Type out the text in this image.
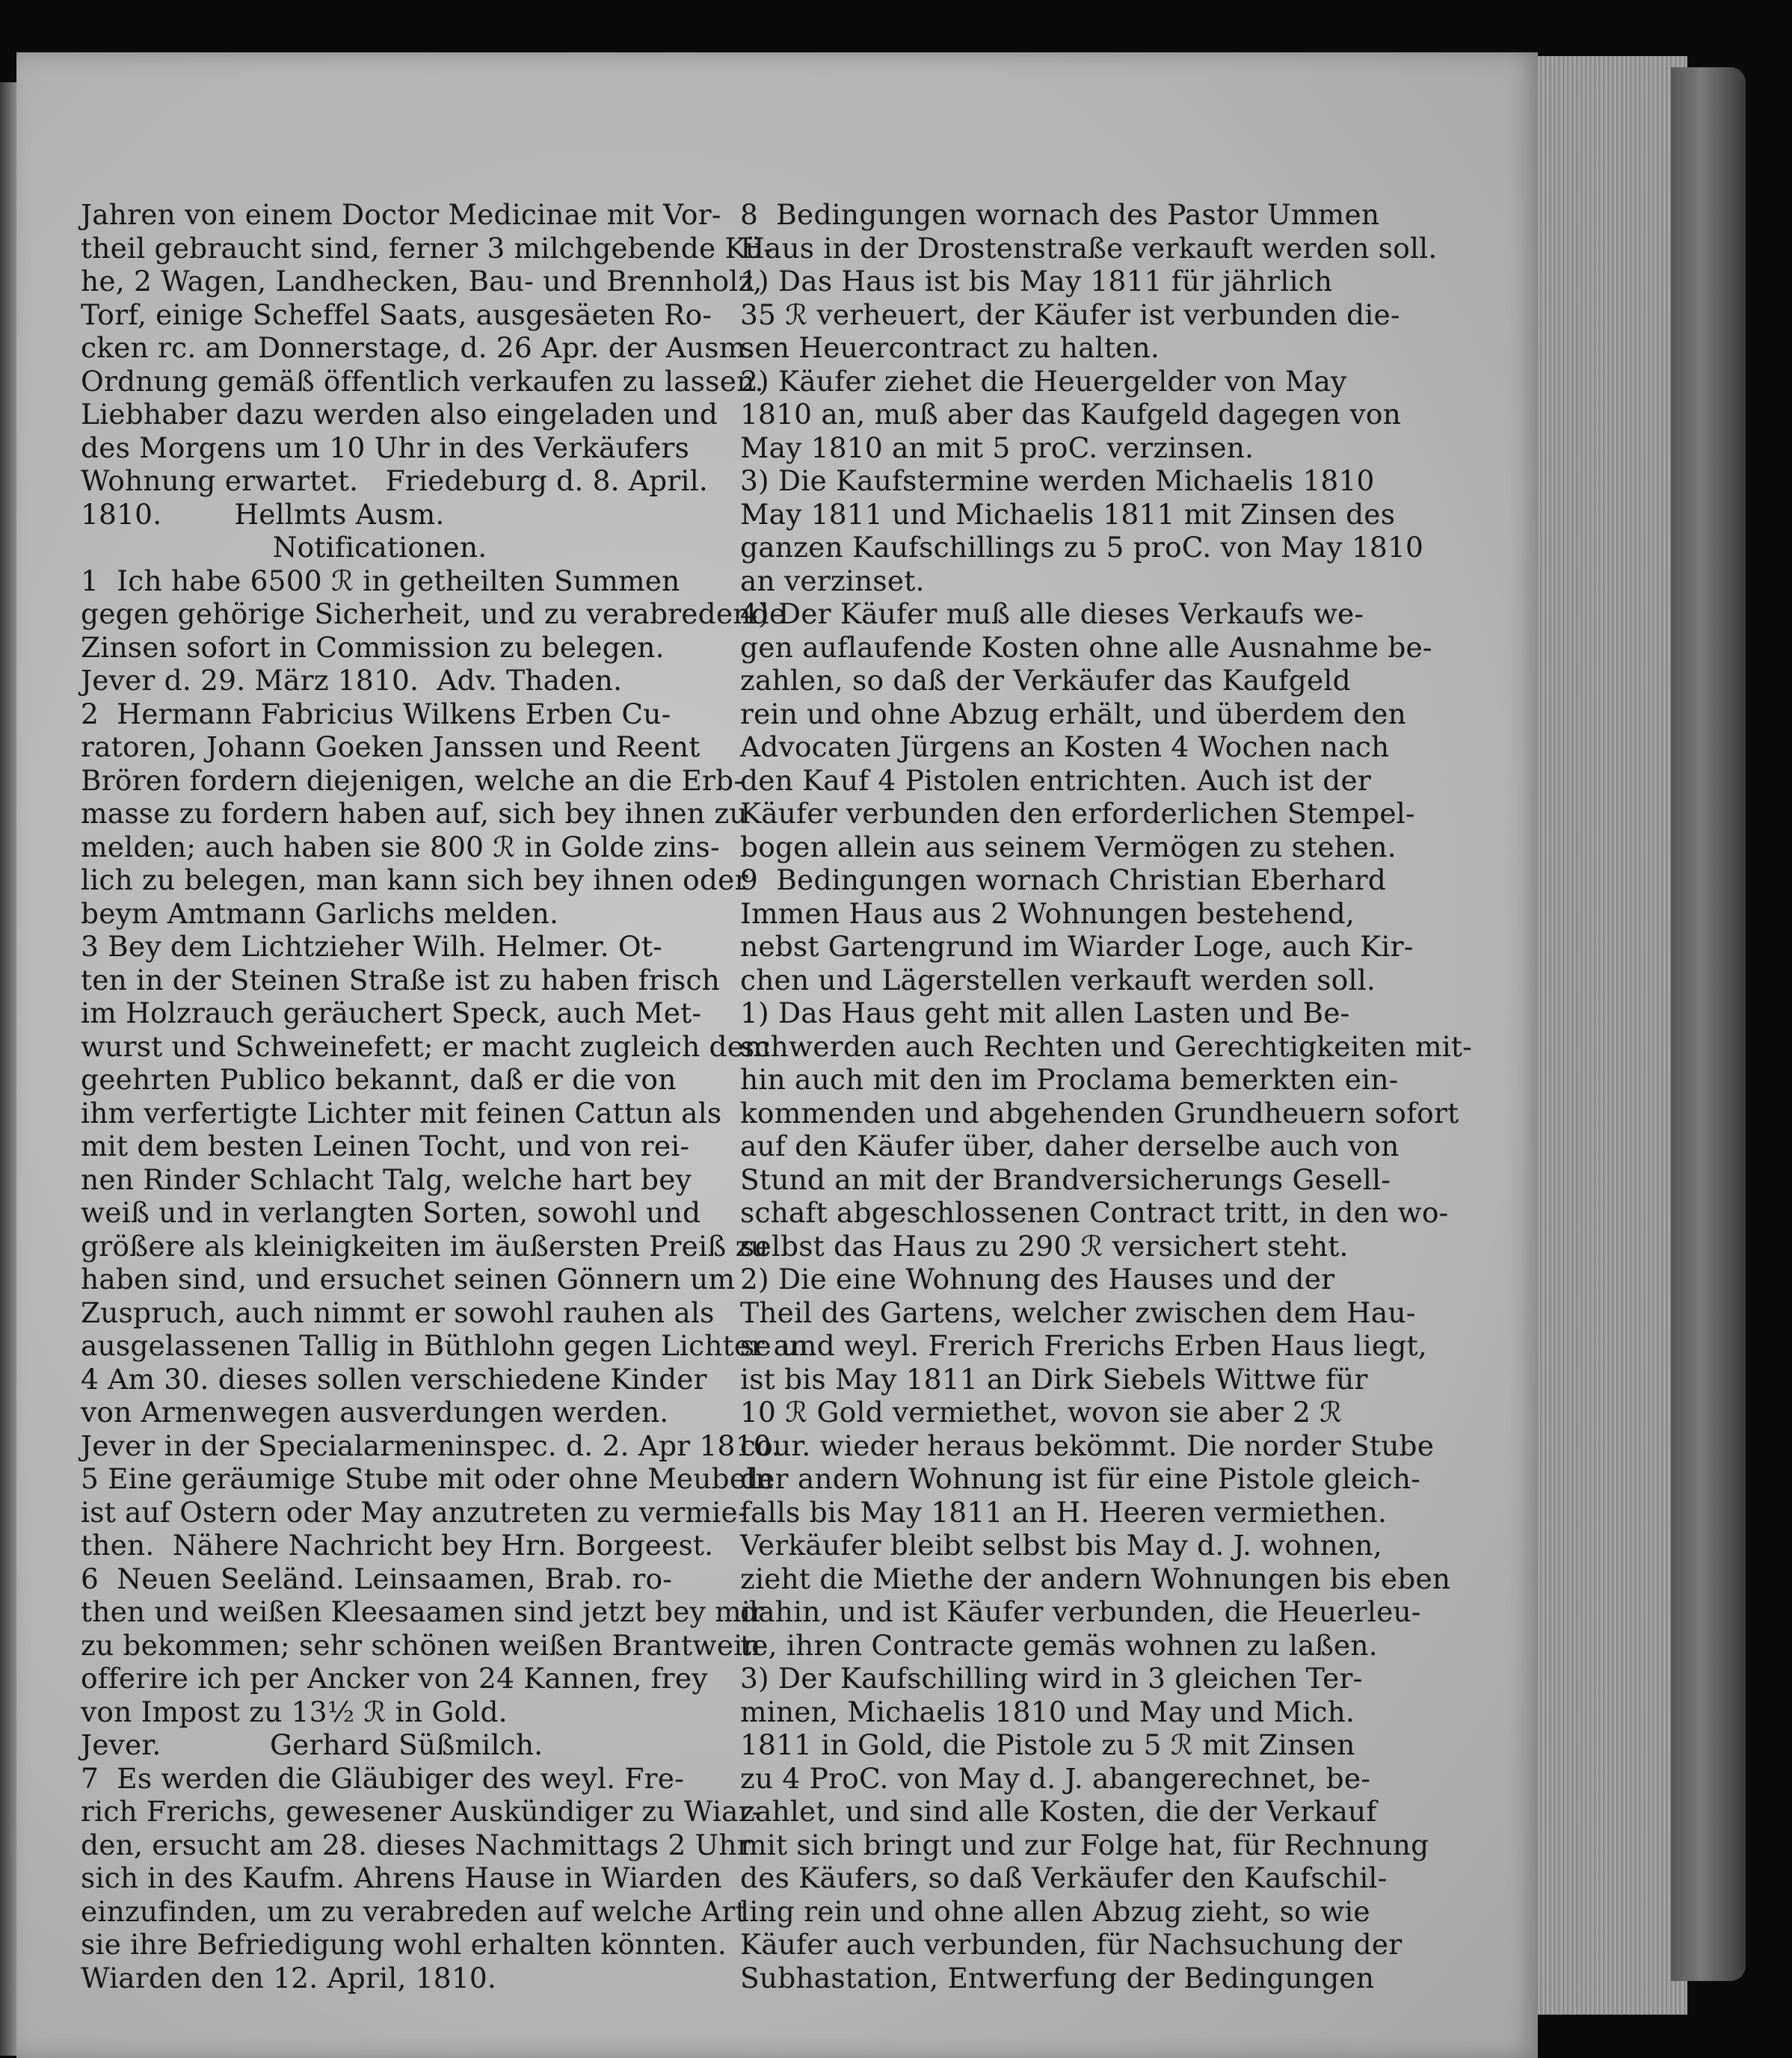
Jahren von einem Doctor Medicinae mit Vor-
theil gebraucht sind, ferner 3 milchgebende Kü-
he, 2 Wagen, Landhecken, Bau- und Brennholz,
Torf, einige Scheffel Saats, ausgesäeten Ro-
cken rc. am Donnerstage, d. 26 Apr. der Ausm.
Ordnung gemäß öffentlich verkaufen zu lassen.
Liebhaber dazu werden also eingeladen und
des Morgens um 10 Uhr in des Verkäufers
Wohnung erwartet.   Friedeburg d. 8. April.
1810.        Hellmts Ausm.
Notificationen.
1  Ich habe 6500 ℛ in getheilten Summen
gegen gehörige Sicherheit, und zu verabredende
Zinsen sofort in Commission zu belegen.
Jever d. 29. März 1810.  Adv. Thaden.
2  Hermann Fabricius Wilkens Erben Cu-
ratoren, Johann Goeken Janssen und Reent
Brören fordern diejenigen, welche an die Erb-
masse zu fordern haben auf, sich bey ihnen zu
melden; auch haben sie 800 ℛ in Golde zins-
lich zu belegen, man kann sich bey ihnen oder
beym Amtmann Garlichs melden.
3 Bey dem Lichtzieher Wilh. Helmer. Ot-
ten in der Steinen Straße ist zu haben frisch
im Holzrauch geräuchert Speck, auch Met-
wurst und Schweinefett; er macht zugleich dem
geehrten Publico bekannt, daß er die von
ihm verfertigte Lichter mit feinen Cattun als
mit dem besten Leinen Tocht, und von rei-
nen Rinder Schlacht Talg, welche hart bey
weiß und in verlangten Sorten, sowohl und
größere als kleinigkeiten im äußersten Preiß zu
haben sind, und ersuchet seinen Gönnern um
Zuspruch, auch nimmt er sowohl rauhen als
ausgelassenen Tallig in Büthlohn gegen Lichter an.
4 Am 30. dieses sollen verschiedene Kinder
von Armenwegen ausverdungen werden.
Jever in der Specialarmeninspec. d. 2. Apr 1810.
5 Eine geräumige Stube mit oder ohne Meubeln
ist auf Ostern oder May anzutreten zu vermie-
then.  Nähere Nachricht bey Hrn. Borgeest.
6  Neuen Seeländ. Leinsaamen, Brab. ro-
then und weißen Kleesaamen sind jetzt bey mir
zu bekommen; sehr schönen weißen Brantwein
offerire ich per Ancker von 24 Kannen, frey
von Impost zu 13½ ℛ in Gold.
Jever.            Gerhard Süßmilch.
7  Es werden die Gläubiger des weyl. Fre-
rich Frerichs, gewesener Auskündiger zu Wiar-
den, ersucht am 28. dieses Nachmittags 2 Uhr
sich in des Kaufm. Ahrens Hause in Wiarden
einzufinden, um zu verabreden auf welche Art
sie ihre Befriedigung wohl erhalten könnten.
Wiarden den 12. April, 1810.
8  Bedingungen wornach des Pastor Ummen
Haus in der Drostenstraße verkauft werden soll.
1) Das Haus ist bis May 1811 für jährlich
35 ℛ verheuert, der Käufer ist verbunden die-
sen Heuercontract zu halten.
2) Käufer ziehet die Heuergelder von May
1810 an, muß aber das Kaufgeld dagegen von
May 1810 an mit 5 proC. verzinsen.
3) Die Kaufstermine werden Michaelis 1810
May 1811 und Michaelis 1811 mit Zinsen des
ganzen Kaufschillings zu 5 proC. von May 1810
an verzinset.
4) Der Käufer muß alle dieses Verkaufs we-
gen auflaufende Kosten ohne alle Ausnahme be-
zahlen, so daß der Verkäufer das Kaufgeld
rein und ohne Abzug erhält, und überdem den
Advocaten Jürgens an Kosten 4 Wochen nach
den Kauf 4 Pistolen entrichten. Auch ist der
Käufer verbunden den erforderlichen Stempel-
bogen allein aus seinem Vermögen zu stehen.
9  Bedingungen wornach Christian Eberhard
Immen Haus aus 2 Wohnungen bestehend,
nebst Gartengrund im Wiarder Loge, auch Kir-
chen und Lägerstellen verkauft werden soll.
1) Das Haus geht mit allen Lasten und Be-
schwerden auch Rechten und Gerechtigkeiten mit-
hin auch mit den im Proclama bemerkten ein-
kommenden und abgehenden Grundheuern sofort
auf den Käufer über, daher derselbe auch von
Stund an mit der Brandversicherungs Gesell-
schaft abgeschlossenen Contract tritt, in den wo-
selbst das Haus zu 290 ℛ versichert steht.
2) Die eine Wohnung des Hauses und der
Theil des Gartens, welcher zwischen dem Hau-
se und weyl. Frerich Frerichs Erben Haus liegt,
ist bis May 1811 an Dirk Siebels Wittwe für
10 ℛ Gold vermiethet, wovon sie aber 2 ℛ
cour. wieder heraus bekömmt. Die norder Stube
der andern Wohnung ist für eine Pistole gleich-
falls bis May 1811 an H. Heeren vermiethen.
Verkäufer bleibt selbst bis May d. J. wohnen,
zieht die Miethe der andern Wohnungen bis eben
dahin, und ist Käufer verbunden, die Heuerleu-
te, ihren Contracte gemäs wohnen zu laßen.
3) Der Kaufschilling wird in 3 gleichen Ter-
minen, Michaelis 1810 und May und Mich.
1811 in Gold, die Pistole zu 5 ℛ mit Zinsen
zu 4 ProC. von May d. J. abangerechnet, be-
zahlet, und sind alle Kosten, die der Verkauf
mit sich bringt und zur Folge hat, für Rechnung
des Käufers, so daß Verkäufer den Kaufschil-
ling rein und ohne allen Abzug zieht, so wie
Käufer auch verbunden, für Nachsuchung der
Subhastation, Entwerfung der Bedingungen
